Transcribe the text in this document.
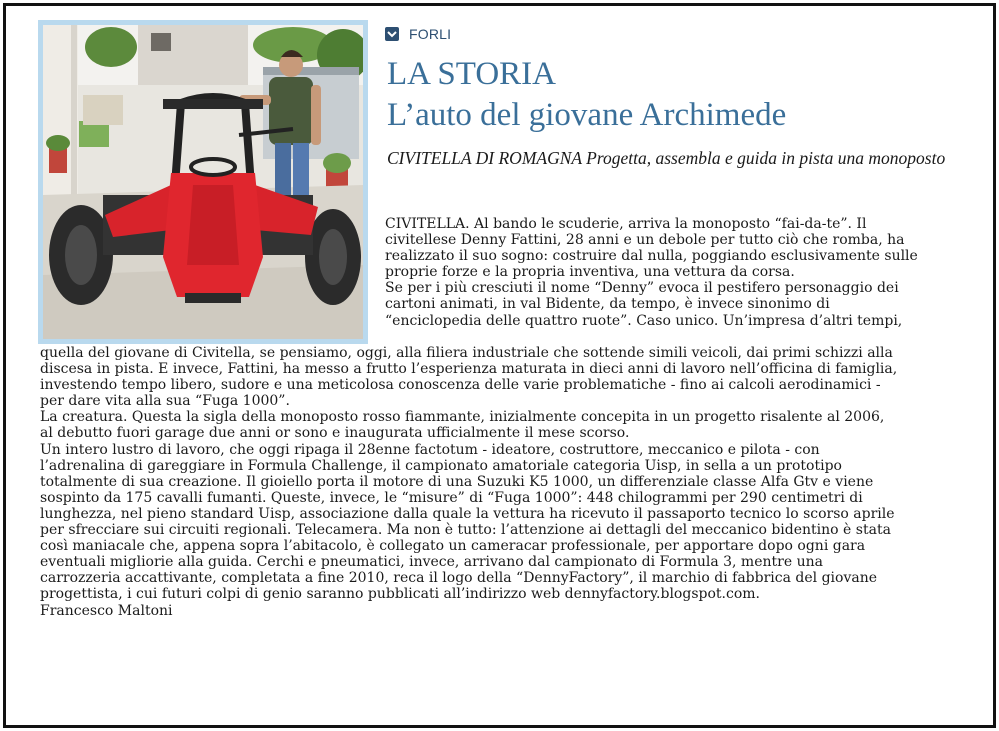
FORLI
LA STORIA
L’auto del giovane Archimede

CIVITELLA DI ROMAGNA Progetta, assembla e guida in pista una monoposto

CIVITELLA. Al bando le scuderie, arriva la monoposto “fai-da-te”. Il
civitellese Denny Fattini, 28 anni e un debole per tutto ciò che romba, ha
realizzato il suo sogno: costruire dal nulla, poggiando esclusivamente sulle
proprie forze e la propria inventiva, una vettura da corsa.
Se per i più cresciuti il nome “Denny” evoca il pestifero personaggio dei
cartoni animati, in val Bidente, da tempo, è invece sinonimo di
“enciclopedia delle quattro ruote”. Caso unico. Un’impresa d’altri tempi,
quella del giovane di Civitella, se pensiamo, oggi, alla filiera industriale che sottende simili veicoli, dai primi schizzi alla
discesa in pista. E invece, Fattini, ha messo a frutto l’esperienza maturata in dieci anni di lavoro nell’officina di famiglia,
investendo tempo libero, sudore e una meticolosa conoscenza delle varie problematiche - fino ai calcoli aerodinamici -
per dare vita alla sua “Fuga 1000”.
La creatura. Questa la sigla della monoposto rosso fiammante, inizialmente concepita in un progetto risalente al 2006,
al debutto fuori garage due anni or sono e inaugurata ufficialmente il mese scorso.
Un intero lustro di lavoro, che oggi ripaga il 28enne factotum - ideatore, costruttore, meccanico e pilota - con
l’adrenalina di gareggiare in Formula Challenge, il campionato amatoriale categoria Uisp, in sella a un prototipo
totalmente di sua creazione. Il gioiello porta il motore di una Suzuki K5 1000, un differenziale classe Alfa Gtv e viene
sospinto da 175 cavalli fumanti. Queste, invece, le “misure” di “Fuga 1000”: 448 chilogrammi per 290 centimetri di
lunghezza, nel pieno standard Uisp, associazione dalla quale la vettura ha ricevuto il passaporto tecnico lo scorso aprile
per sfrecciare sui circuiti regionali. Telecamera. Ma non è tutto: l’attenzione ai dettagli del meccanico bidentino è stata
così maniacale che, appena sopra l’abitacolo, è collegato un cameracar professionale, per apportare dopo ogni gara
eventuali migliorie alla guida. Cerchi e pneumatici, invece, arrivano dal campionato di Formula 3, mentre una
carrozzeria accattivante, completata a fine 2010, reca il logo della “DennyFactory”, il marchio di fabbrica del giovane
progettista, i cui futuri colpi di genio saranno pubblicati all’indirizzo web dennyfactory.blogspot.com.
Francesco Maltoni
